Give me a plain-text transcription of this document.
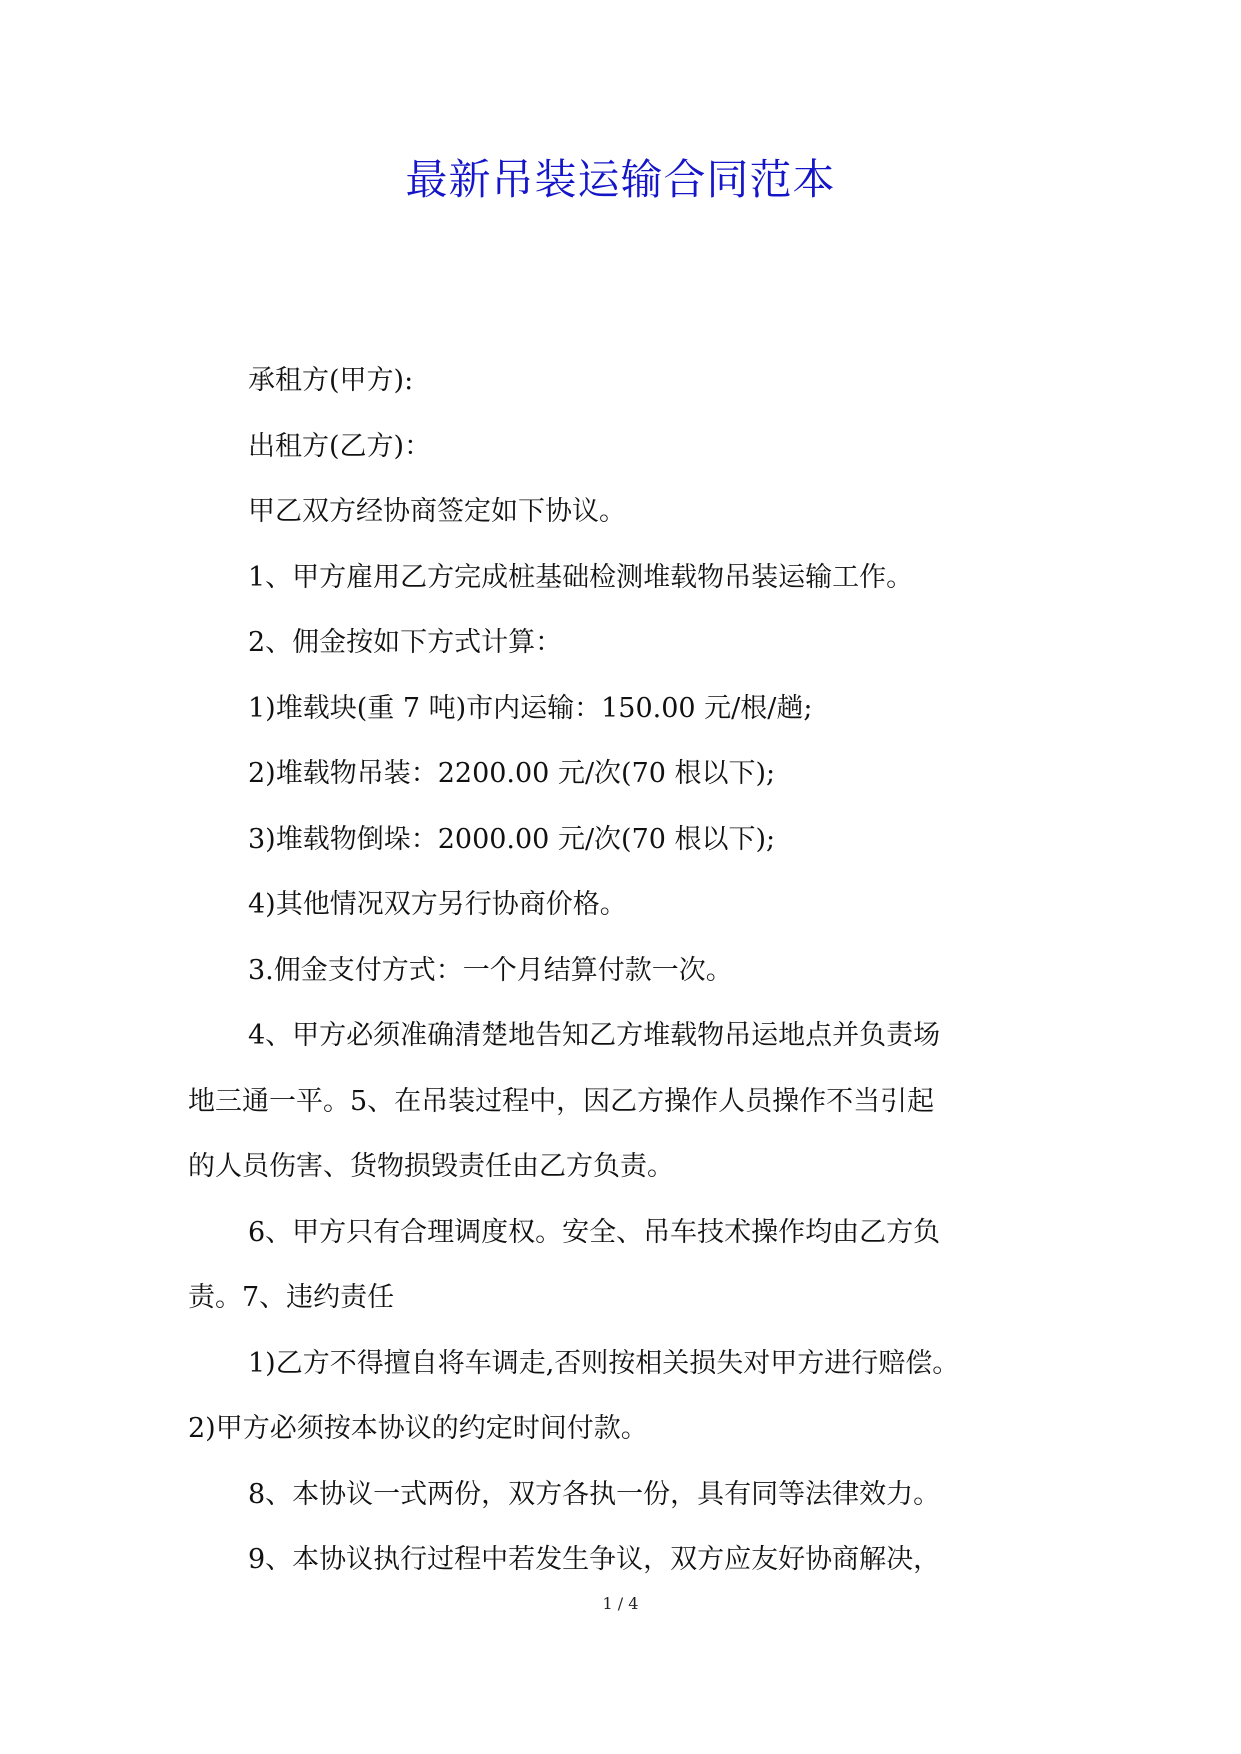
最新吊装运输合同范本

承租方(甲方):

出租方(乙方)：

甲乙双方经协商签定如下协议。

1、甲方雇用乙方完成桩基础检测堆载物吊装运输工作。

2、佣金按如下方式计算：

1)堆载块(重 7 吨)市内运输：150.00 元/根/趟;

2)堆载物吊装：2200.00 元/次(70 根以下);

3)堆载物倒垛：2000.00 元/次(70 根以下);

4)其他情况双方另行协商价格。

3.佣金支付方式：一个月结算付款一次。

4、甲方必须准确清楚地告知乙方堆载物吊运地点并负责场

地三通一平。5、在吊装过程中，因乙方操作人员操作不当引起

的人员伤害、货物损毁责任由乙方负责。

6、甲方只有合理调度权。安全、吊车技术操作均由乙方负

责。7、违约责任

1)乙方不得擅自将车调走,否则按相关损失对甲方进行赔偿。

2)甲方必须按本协议的约定时间付款。

8、本协议一式两份，双方各执一份，具有同等法律效力。

9、本协议执行过程中若发生争议，双方应友好协商解决，

1 / 4
